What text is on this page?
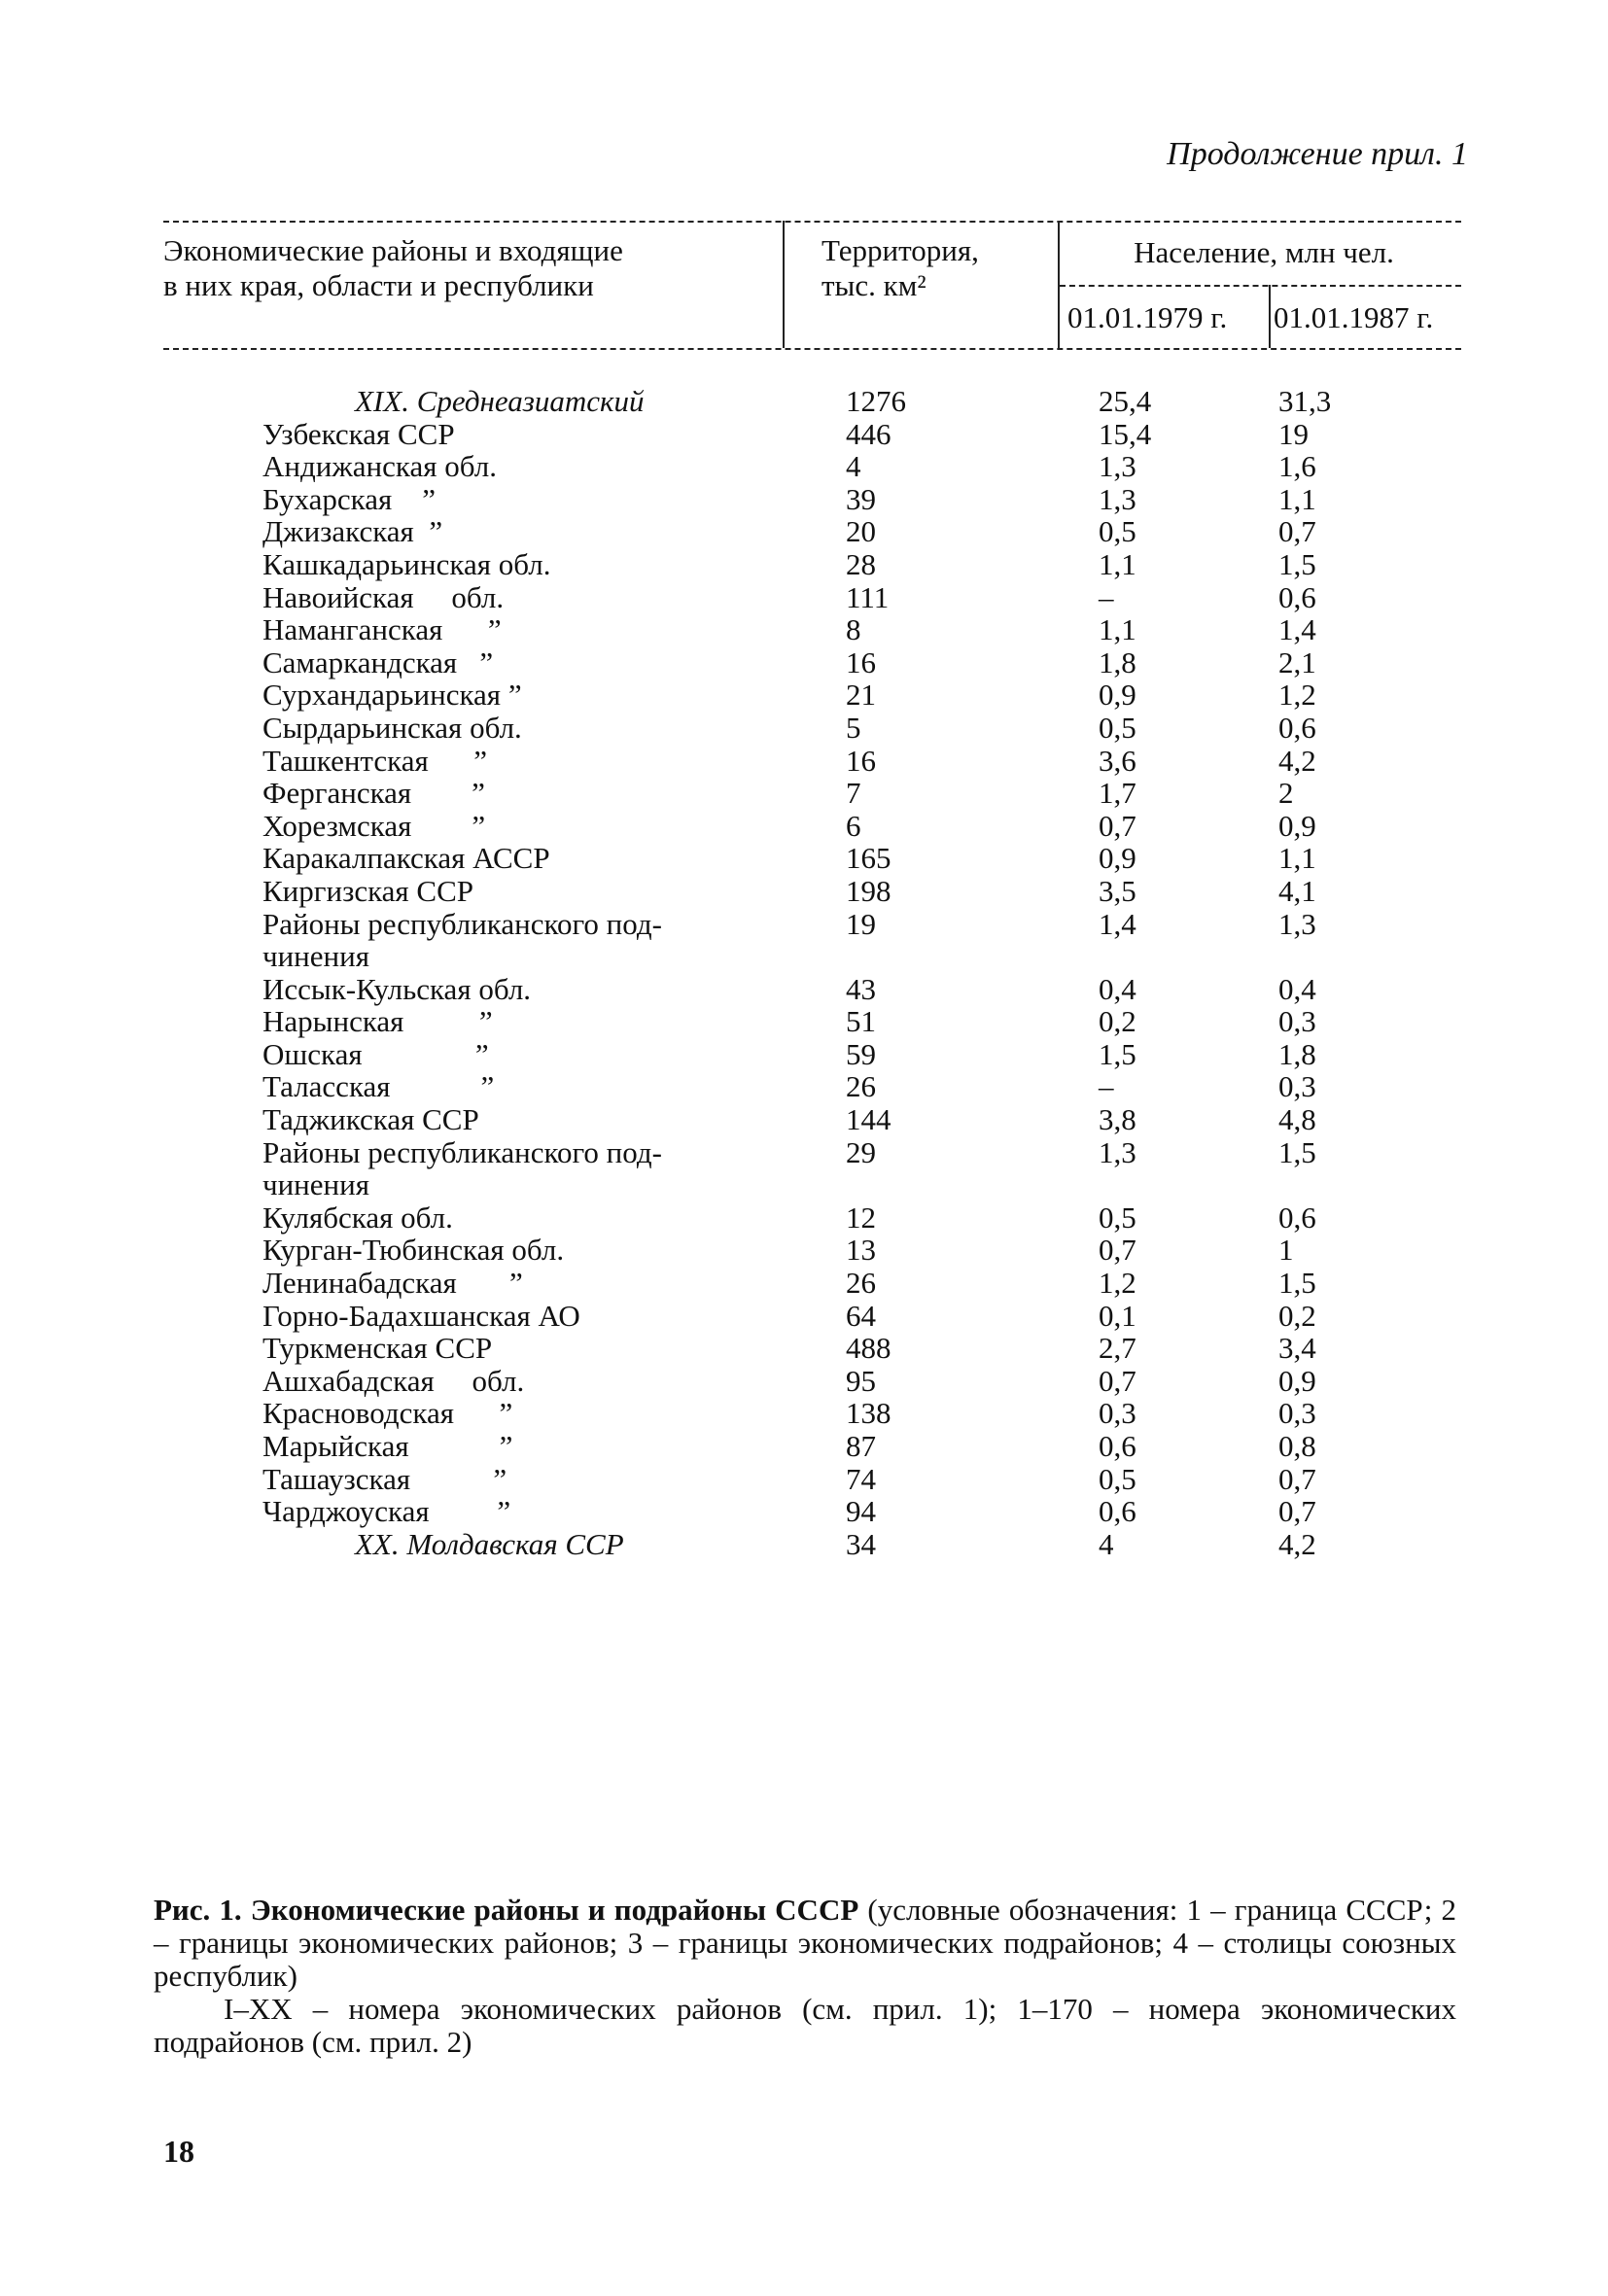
Продолжение прил. 1
Экономические районы и входящие
в них края, области и республики
Территория,
тыс. км²
Население, млн чел.
01.01.1979 г.	01.01.1987 г.
XIX. Среднеазиатский	1276	25,4	31,3
Узбекская ССР	446	15,4	19
Андижанская обл.	4	1,3	1,6
Бухарская    ”	39	1,3	1,1
Джизакская  ”	20	0,5	0,7
Кашкадарьинская обл.	28	1,1	1,5
Навоийская     обл.	111	–	0,6
Наманганская      ”	8	1,1	1,4
Самаркандская   ”	16	1,8	2,1
Сурхандарьинская ”	21	0,9	1,2
Сырдарьинская обл.	5	0,5	0,6
Ташкентская      ”	16	3,6	4,2
Ферганская        ”	7	1,7	2
Хорезмская        ”	6	0,7	0,9
Каракалпакская АССР	165	0,9	1,1
Киргизская ССР	198	3,5	4,1
Районы республиканского под-	19	1,4	1,3
чинения
Иссык-Кульская обл.	43	0,4	0,4
Нарынская          ”	51	0,2	0,3
Ошская               ”	59	1,5	1,8
Таласская            ”	26	–	0,3
Таджикская ССР	144	3,8	4,8
Районы республиканского под-	29	1,3	1,5
чинения
Кулябская обл.	12	0,5	0,6
Курган-Тюбинская обл.	13	0,7	1
Ленинабадская       ”	26	1,2	1,5
Горно-Бадахшанская АО	64	0,1	0,2
Туркменская ССР	488	2,7	3,4
Ашхабадская     обл.	95	0,7	0,9
Красноводская      ”	138	0,3	0,3
Марыйская            ”	87	0,6	0,8
Ташаузская           ”	74	0,5	0,7
Чарджоуская         ”	94	0,6	0,7
XX. Молдавская ССР	34	4	4,2

Рис. 1. Экономические районы и подрайоны СССР (условные обозначения: 1 – граница СССР; 2 – границы экономических районов; 3 – границы экономических подрайонов; 4 – столицы союзных республик)

I–XX – номера экономических районов (см. прил. 1); 1–170 – номера экономических подрайонов (см. прил. 2)

18
